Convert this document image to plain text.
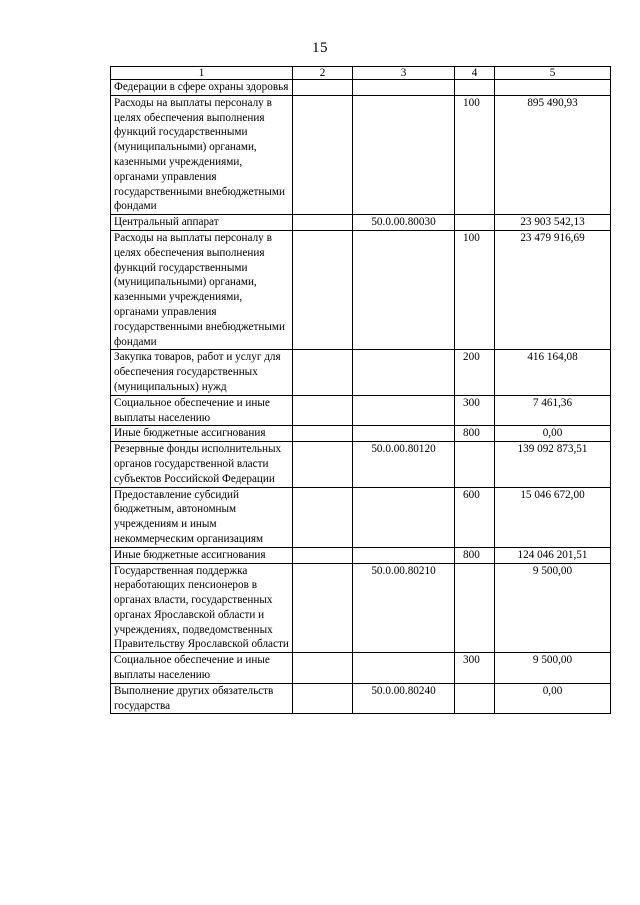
15
1	2	3	4	5
Федерации в сфере охраны здоровья				
Расходы на выплаты персоналу в целях обеспечения выполнения функций государственными (муниципальными) органами, казенными учреждениями, органами управления государственными внебюджетными фондами			100	895 490,93
Центральный аппарат		50.0.00.80030		23 903 542,13
Расходы на выплаты персоналу в целях обеспечения выполнения функций государственными (муниципальными) органами, казенными учреждениями, органами управления государственными внебюджетными фондами			100	23 479 916,69
Закупка товаров, работ и услуг для обеспечения государственных (муниципальных) нужд			200	416 164,08
Социальное обеспечение и иные выплаты населению			300	7 461,36
Иные бюджетные ассигнования			800	0,00
Резервные фонды исполнительных органов государственной власти субъектов Российской Федерации		50.0.00.80120		139 092 873,51
Предоставление субсидий бюджетным, автономным учреждениям и иным некоммерческим организациям			600	15 046 672,00
Иные бюджетные ассигнования			800	124 046 201,51
Государственная поддержка неработающих пенсионеров в органах власти, государственных органах Ярославской области и учреждениях, подведомственных Правительству Ярославской области		50.0.00.80210		9 500,00
Социальное обеспечение и иные выплаты населению			300	9 500,00
Выполнение других обязательств государства		50.0.00.80240		0,00
